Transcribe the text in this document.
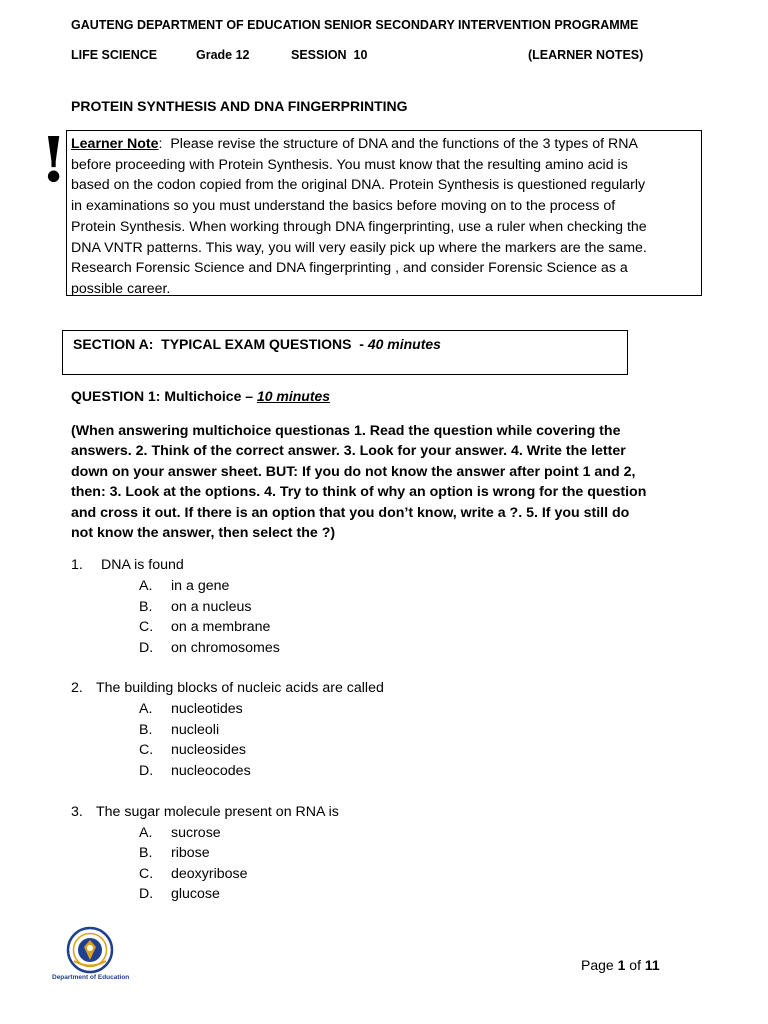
GAUTENG DEPARTMENT OF EDUCATION SENIOR SECONDARY INTERVENTION PROGRAMME
LIFE SCIENCE	Grade 12	SESSION  10	(LEARNER NOTES)
PROTEIN SYNTHESIS AND DNA FINGERPRINTING
! Learner Note:  Please revise the structure of DNA and the functions of the 3 types of RNA
before proceeding with Protein Synthesis. You must know that the resulting amino acid is
based on the codon copied from the original DNA. Protein Synthesis is questioned regularly
in examinations so you must understand the basics before moving on to the process of
Protein Synthesis. When working through DNA fingerprinting, use a ruler when checking the
DNA VNTR patterns. This way, you will very easily pick up where the markers are the same.
Research Forensic Science and DNA fingerprinting , and consider Forensic Science as a
possible career.
SECTION A:  TYPICAL EXAM QUESTIONS  - 40 minutes
QUESTION 1: Multichoice – 10 minutes
(When answering multichoice questionas 1. Read the question while covering the
answers. 2. Think of the correct answer. 3. Look for your answer. 4. Write the letter
down on your answer sheet. BUT: If you do not know the answer after point 1 and 2,
then: 3. Look at the options. 4. Try to think of why an option is wrong for the question
and cross it out. If there is an option that you don’t know, write a ?. 5. If you still do
not know the answer, then select the ?)
1. DNA is found
A. in a gene
B. on a nucleus
C. on a membrane
D. on chromosomes
2. The building blocks of nucleic acids are called
A. nucleotides
B. nucleoli
C. nucleosides
D. nucleocodes
3. The sugar molecule present on RNA is
A. sucrose
B. ribose
C. deoxyribose
D. glucose
Department of Education
Page 1 of 11
